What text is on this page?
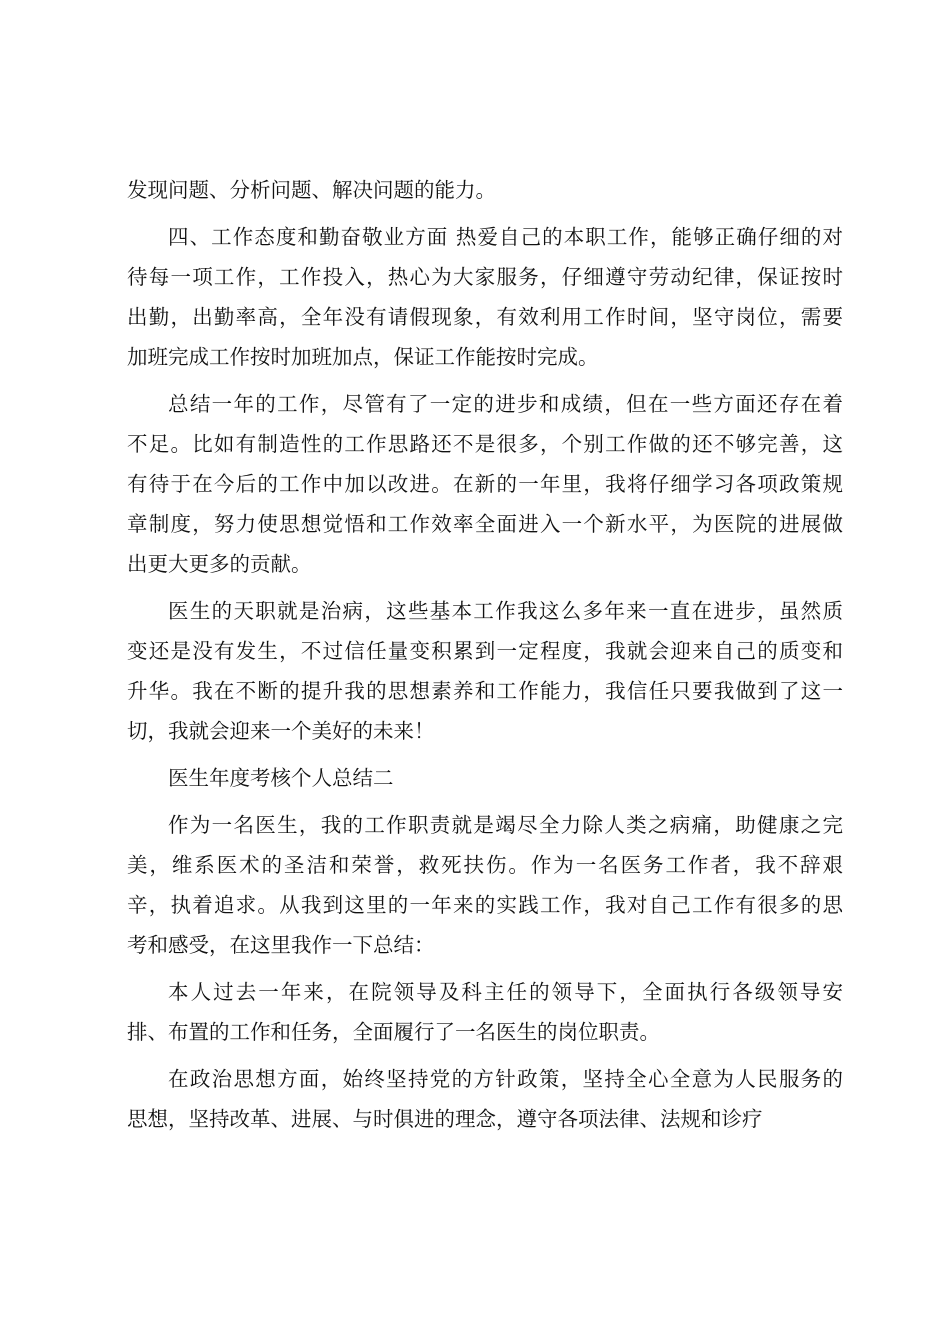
发现问题、分析问题、解决问题的能力。
四、工作态度和勤奋敬业方面 热爱自己的本职工作，能够正确仔细的对
待每一项工作，工作投入，热心为大家服务，仔细遵守劳动纪律，保证按时
出勤，出勤率高，全年没有请假现象，有效利用工作时间，坚守岗位，需要
加班完成工作按时加班加点，保证工作能按时完成。
总结一年的工作，尽管有了一定的进步和成绩，但在一些方面还存在着
不足。比如有制造性的工作思路还不是很多，个别工作做的还不够完善，这
有待于在今后的工作中加以改进。在新的一年里，我将仔细学习各项政策规
章制度，努力使思想觉悟和工作效率全面进入一个新水平，为医院的进展做
出更大更多的贡献。
医生的天职就是治病，这些基本工作我这么多年来一直在进步，虽然质
变还是没有发生，不过信任量变积累到一定程度，我就会迎来自己的质变和
升华。我在不断的提升我的思想素养和工作能力，我信任只要我做到了这一
切，我就会迎来一个美好的未来！
医生年度考核个人总结二
作为一名医生，我的工作职责就是竭尽全力除人类之病痛，助健康之完
美，维系医术的圣洁和荣誉，救死扶伤。作为一名医务工作者，我不辞艰
辛，执着追求。从我到这里的一年来的实践工作，我对自己工作有很多的思
考和感受，在这里我作一下总结：
本人过去一年来，在院领导及科主任的领导下，全面执行各级领导安
排、布置的工作和任务，全面履行了一名医生的岗位职责。
在政治思想方面，始终坚持党的方针政策，坚持全心全意为人民服务的
思想，坚持改革、进展、与时俱进的理念，遵守各项法律、法规和诊疗
